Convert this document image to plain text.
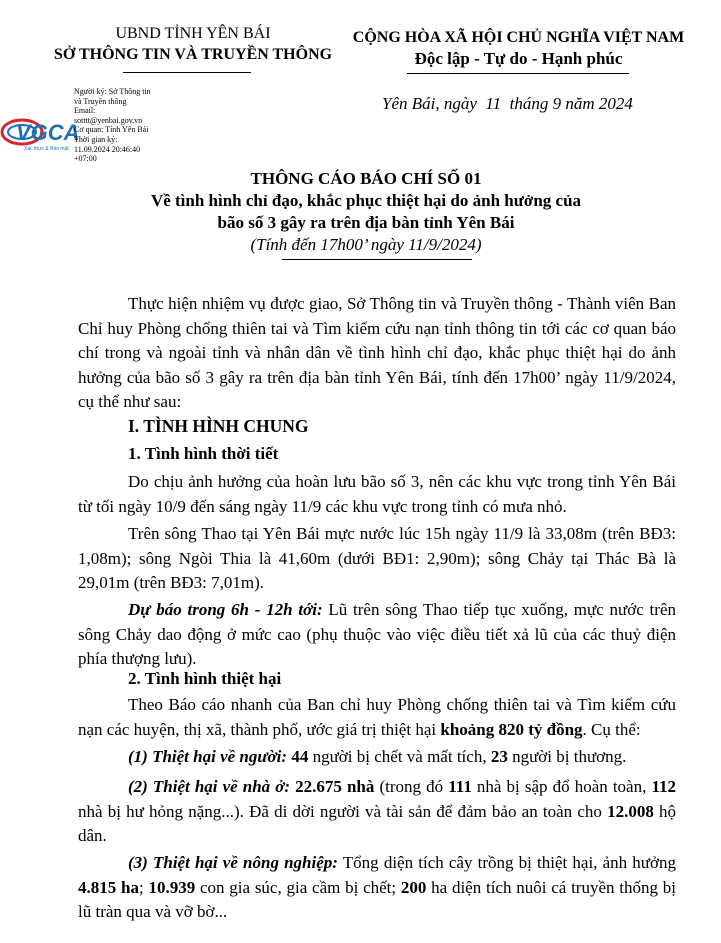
UBND TỈNH YÊN BÁI
SỞ THÔNG TIN VÀ TRUYỀN THÔNG
CỘNG HÒA XÃ HỘI CHỦ NGHĨA VIỆT NAM
Độc lập - Tự do - Hạnh phúc
Yên Bái, ngày  11  tháng 9 năm 2024
VGCA
Xác thực & Bảo mật
Người ký: Sở Thông tin
và Truyền thông
Email:
sotttt@yenbai.gov.vn
Cơ quan: Tỉnh Yên Bái
Thời gian ký:
11.09.2024 20:46:40
+07:00
THÔNG CÁO BÁO CHÍ SỐ 01
Về tình hình chỉ đạo, khắc phục thiệt hại do ảnh hưởng của
bão số 3 gây ra trên địa bàn tỉnh Yên Bái
(Tính đến 17h00’ ngày 11/9/2024)
Thực hiện nhiệm vụ được giao, Sở Thông tin và Truyền thông - Thành viên Ban Chỉ huy Phòng chống thiên tai và Tìm kiếm cứu nạn tỉnh thông tin tới các cơ quan báo chí trong và ngoài tỉnh và nhân dân về tình hình chỉ đạo, khắc phục thiệt hại do ảnh hưởng của bão số 3 gây ra trên địa bàn tỉnh Yên Bái, tính đến 17h00’ ngày 11/9/2024, cụ thể như sau:
I. TÌNH HÌNH CHUNG
1. Tình hình thời tiết
Do chịu ảnh hưởng của hoàn lưu bão số 3, nên các khu vực trong tỉnh Yên Bái từ tối ngày 10/9 đến sáng ngày 11/9 các khu vực trong tỉnh có mưa nhỏ.
Trên sông Thao tại Yên Bái mực nước lúc 15h ngày 11/9 là 33,08m (trên BĐ3: 1,08m); sông Ngòi Thia là 41,60m (dưới BĐ1: 2,90m); sông Chảy tại Thác Bà là 29,01m (trên BĐ3: 7,01m).
Dự báo trong 6h - 12h tới: Lũ trên sông Thao tiếp tục xuống, mực nước trên sông Chảy dao động ở mức cao (phụ thuộc vào việc điều tiết xả lũ của các thuỷ điện phía thượng lưu).
2. Tình hình thiệt hại
Theo Báo cáo nhanh của Ban chỉ huy Phòng chống thiên tai và Tìm kiếm cứu nạn các huyện, thị xã, thành phố, ước giá trị thiệt hại khoảng 820 tỷ đồng. Cụ thể:
(1) Thiệt hại về người: 44 người bị chết và mất tích, 23 người bị thương.
(2) Thiệt hại về nhà ở: 22.675 nhà (trong đó 111 nhà bị sập đổ hoàn toàn, 112 nhà bị hư hỏng nặng...). Đã di dời người và tài sản để đảm bảo an toàn cho 12.008 hộ dân.
(3) Thiệt hại về nông nghiệp: Tổng diện tích cây trồng bị thiệt hại, ảnh hưởng 4.815 ha; 10.939 con gia súc, gia cầm bị chết; 200 ha diện tích nuôi cá truyền thống bị lũ tràn qua và vỡ bờ...
